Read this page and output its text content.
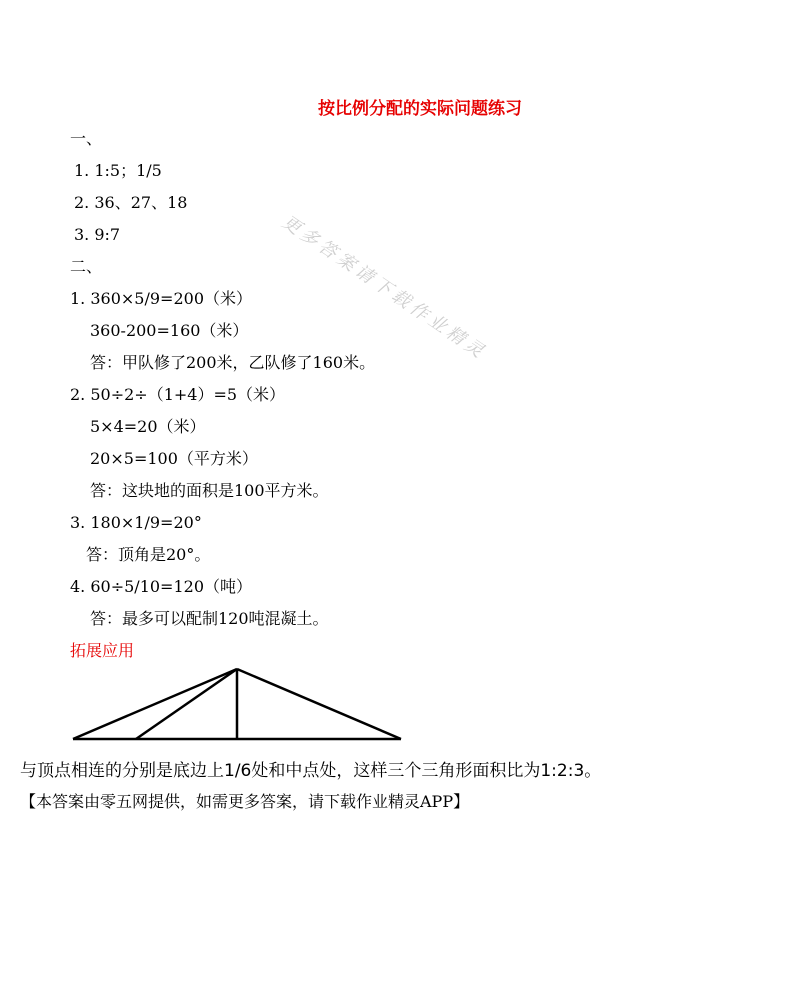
按比例分配的实际问题练习
更多答案请下载作业精灵
一、
1. 1:5；1/5
2. 36、27、18
3. 9:7
二、
1. 360×5/9=200（米）
360-200=160（米）
答：甲队修了200米，乙队修了160米。
2. 50÷2÷（1+4）=5（米）
5×4=20（米）
20×5=100（平方米）
答：这块地的面积是100平方米。
3. 180×1/9=20°
答：顶角是20°。
4. 60÷5/10=120（吨）
答：最多可以配制120吨混凝土。
拓展应用
与顶点相连的分别是底边上1/6处和中点处，这样三个三角形面积比为1:2:3。
【本答案由零五网提供，如需更多答案，请下载作业精灵APP】
